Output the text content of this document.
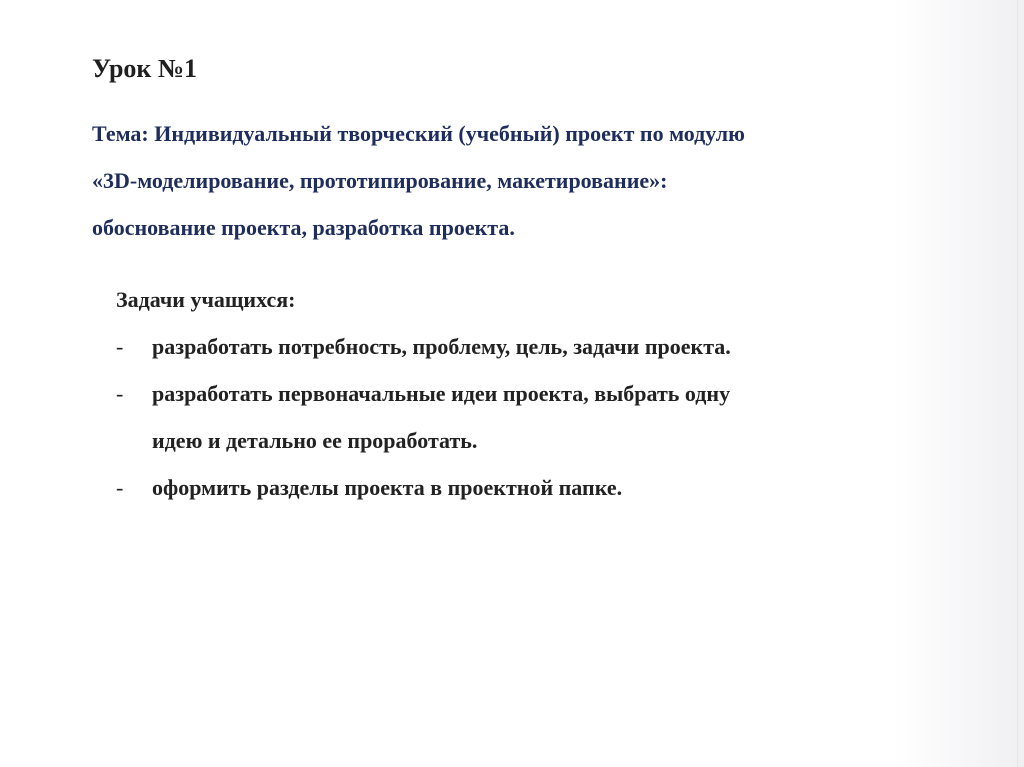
Урок №1

Тема: Индивидуальный творческий (учебный) проект по модулю
«3D-моделирование, прототипирование, макетирование»:
обоснование проекта, разработка проекта.

Задачи учащихся:
- разработать потребность, проблему, цель, задачи проекта.
- разработать первоначальные идеи проекта, выбрать одну
идею и детально ее проработать.
- оформить разделы проекта в проектной папке.
